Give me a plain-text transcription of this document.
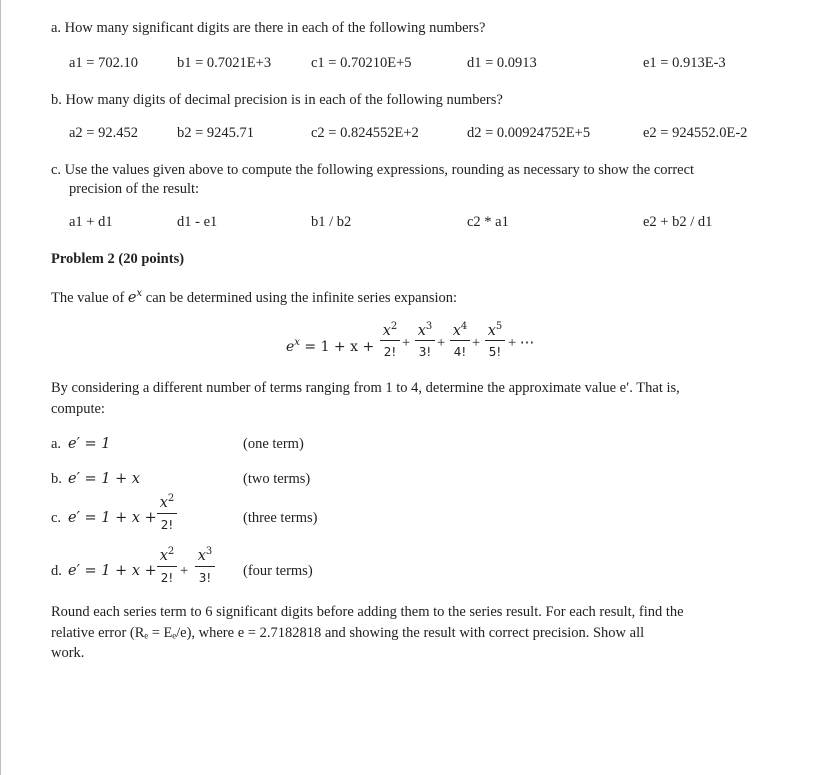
a. How many significant digits are there in each of the following numbers?
a1 = 702.10	b1 = 0.7021E+3	c1 = 0.70210E+5	d1 = 0.0913	e1 = 0.913E-3
b. How many digits of decimal precision is in each of the following numbers?
a2 = 92.452	b2 = 9245.71	c2 = 0.824552E+2	d2 = 0.00924752E+5	e2 = 924552.0E-2
c. Use the values given above to compute the following expressions, rounding as necessary to show the correct
precision of the result:
a1 + d1	d1 - e1	b1 / b2	c2 * a1	e2 + b2 / d1
Problem 2 (20 points)
The value of $e^x$ can be determined using the infinite series expansion:
$e^x = 1 + x$ +
$x^2$
2!
+
$x^3$
3!
+
$x^4$
4!
+
$x^5$
5!
+ ⋯
By considering a different number of terms ranging from 1 to 4, determine the approximate value e′. That is,
compute:
a. e′ = 1	(one term)
b. e′ = 1 + x	(two terms)
c. e′ = 1 + x +
$x^2$
2!	(three terms)
d. e′ = 1 + x +
$x^2$
2! +
$x^3$
3! (four terms)
Round each series term to 6 significant digits before adding them to the series result. For each result, find the
relative error (Rₑ = Eₑ/e), where e = 2.7182818 and showing the result with correct precision. Show all
work.
